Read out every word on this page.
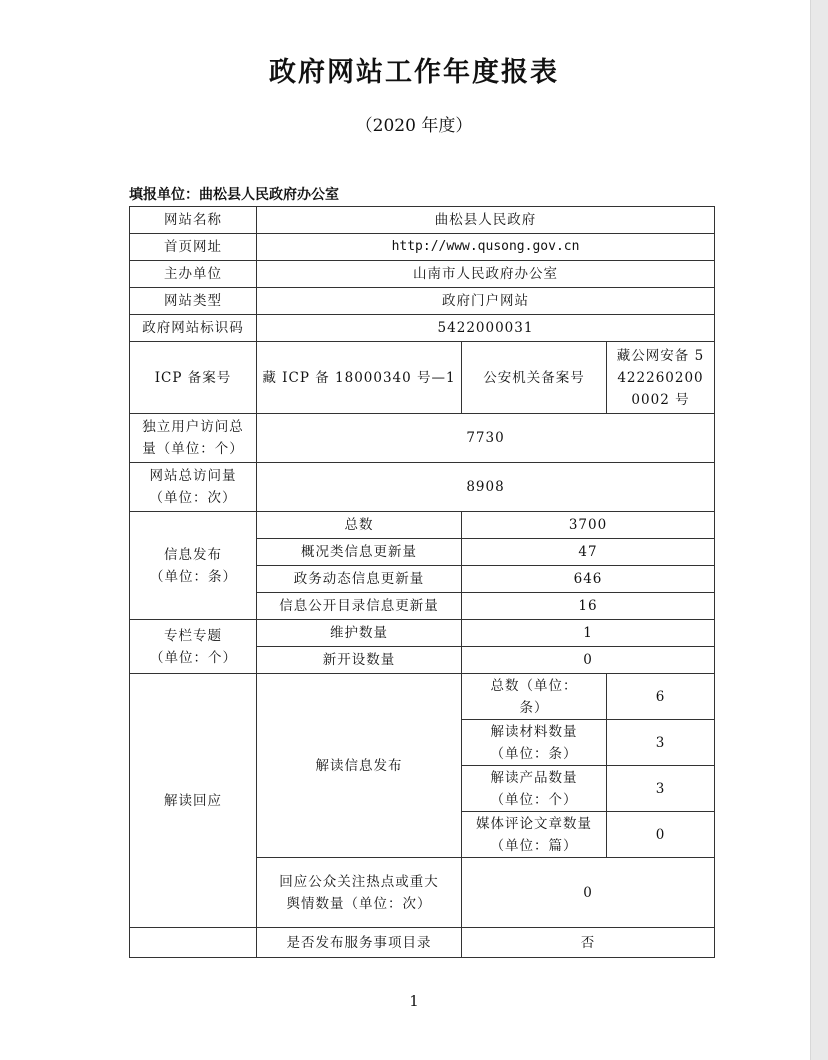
政府网站工作年度报表
（2020 年度）
填报单位：曲松县人民政府办公室
网站名称	曲松县人民政府		
首页网址	http://www.qusong.gov.cn		
主办单位	山南市人民政府办公室		
网站类型	政府门户网站		
政府网站标识码	5422000031		
ICP 备案号	藏 ICP 备 18000340 号—1	公安机关备案号	藏公网安备 54222602000002 号
独立用户访问总量（单位：个）	7730		
网站总访问量（单位：次）	8908		
信息发布（单位：条）	总数	3700	
	概况类信息更新量	47	
	政务动态信息更新量	646	
	信息公开目录信息更新量	16	
专栏专题（单位：个）	维护数量	1	
	新开设数量	0	
解读回应	解读信息发布	总数（单位：条）	6
		解读材料数量（单位：条）	3
		解读产品数量（单位：个）	3
		媒体评论文章数量（单位：篇）	0
	回应公众关注热点或重大舆情数量（单位：次）	0	
	是否发布服务事项目录	否	
1
